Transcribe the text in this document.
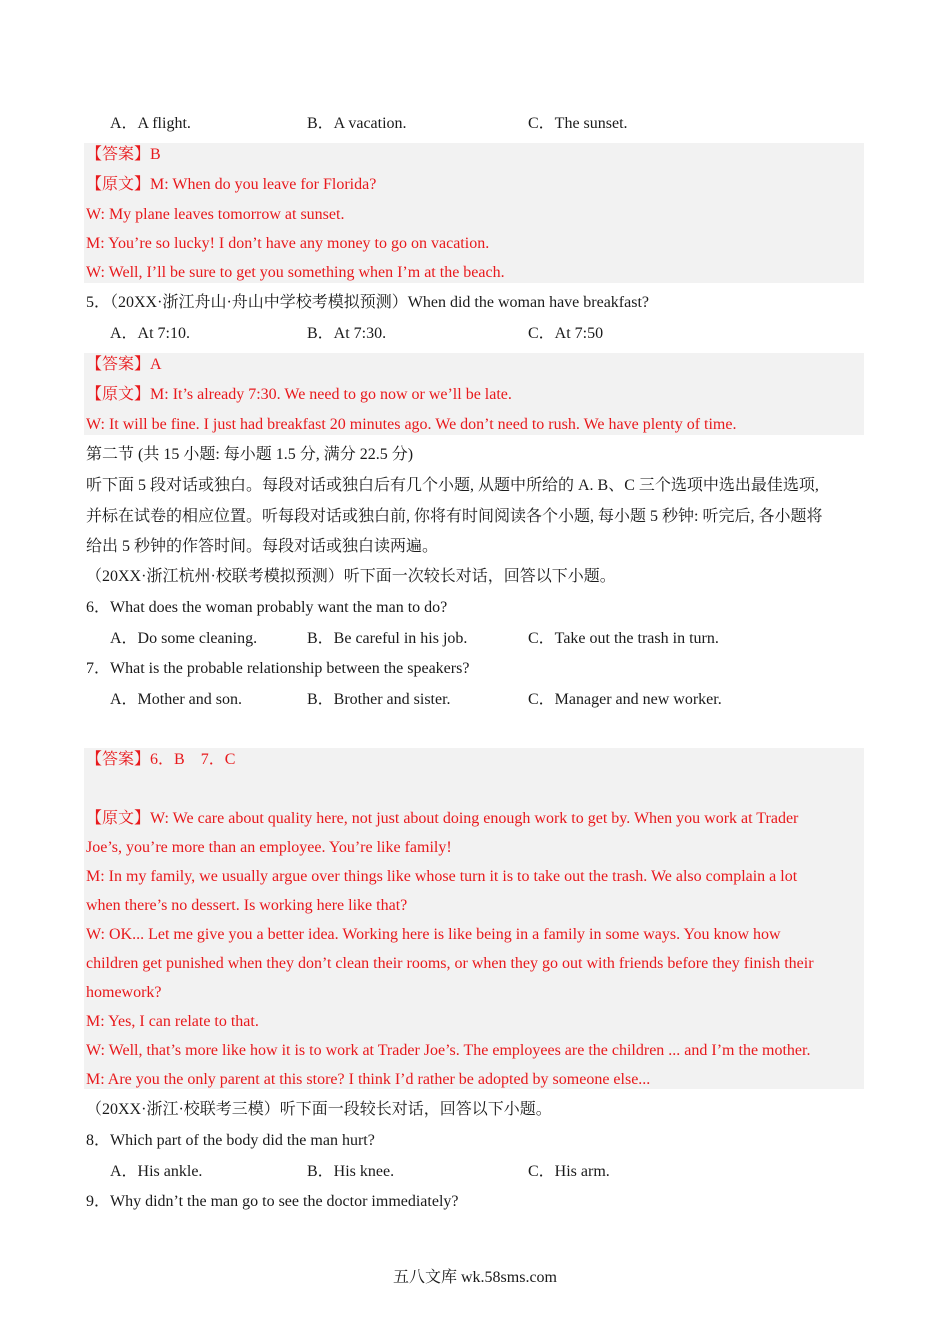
A．A flight.	B．A vacation.	C．The sunset.
【答案】B
【原文】M: When do you leave for Florida?
W: My plane leaves tomorrow at sunset.
M: You’re so lucky! I don’t have any money to go on vacation.
W: Well, I’ll be sure to get you something when I’m at the beach.
5．（20XX·浙江舟山·舟山中学校考模拟预测）When did the woman have breakfast?
A．At 7:10.	B．At 7:30.	C．At 7:50
【答案】A
【原文】M: It’s already 7:30. We need to go now or we’ll be late.
W: It will be fine. I just had breakfast 20 minutes ago. We don’t need to rush. We have plenty of time.
第二节 (共 15 小题: 每小题 1.5 分, 满分 22.5 分)
听下面 5 段对话或独白。每段对话或独白后有几个小题, 从题中所给的 A. B、C 三个选项中选出最佳选项,
并标在试卷的相应位置。听每段对话或独白前, 你将有时间阅读各个小题, 每小题 5 秒钟: 听完后, 各小题将
给出 5 秒钟的作答时间。每段对话或独白读两遍。
（20XX·浙江杭州·校联考模拟预测）听下面一次较长对话，回答以下小题。
6．What does the woman probably want the man to do?
A．Do some cleaning.	B．Be careful in his job.	C．Take out the trash in turn.
7．What is the probable relationship between the speakers?
A．Mother and son.	B．Brother and sister.	C．Manager and new worker.
【答案】6．B　7．C
【原文】W: We care about quality here, not just about doing enough work to get by. When you work at Trader
Joe’s, you’re more than an employee. You’re like family!
M: In my family, we usually argue over things like whose turn it is to take out the trash. We also complain a lot
when there’s no dessert. Is working here like that?
W: OK... Let me give you a better idea. Working here is like being in a family in some ways. You know how
children get punished when they don’t clean their rooms, or when they go out with friends before they finish their
homework?
M: Yes, I can relate to that.
W: Well, that’s more like how it is to work at Trader Joe’s. The employees are the children ... and I’m the mother.
M: Are you the only parent at this store? I think I’d rather be adopted by someone else...
（20XX·浙江·校联考三模）听下面一段较长对话，回答以下小题。
8．Which part of the body did the man hurt?
A．His ankle.	B．His knee.	C．His arm.
9．Why didn’t the man go to see the doctor immediately?
五八文库 wk.58sms.com
